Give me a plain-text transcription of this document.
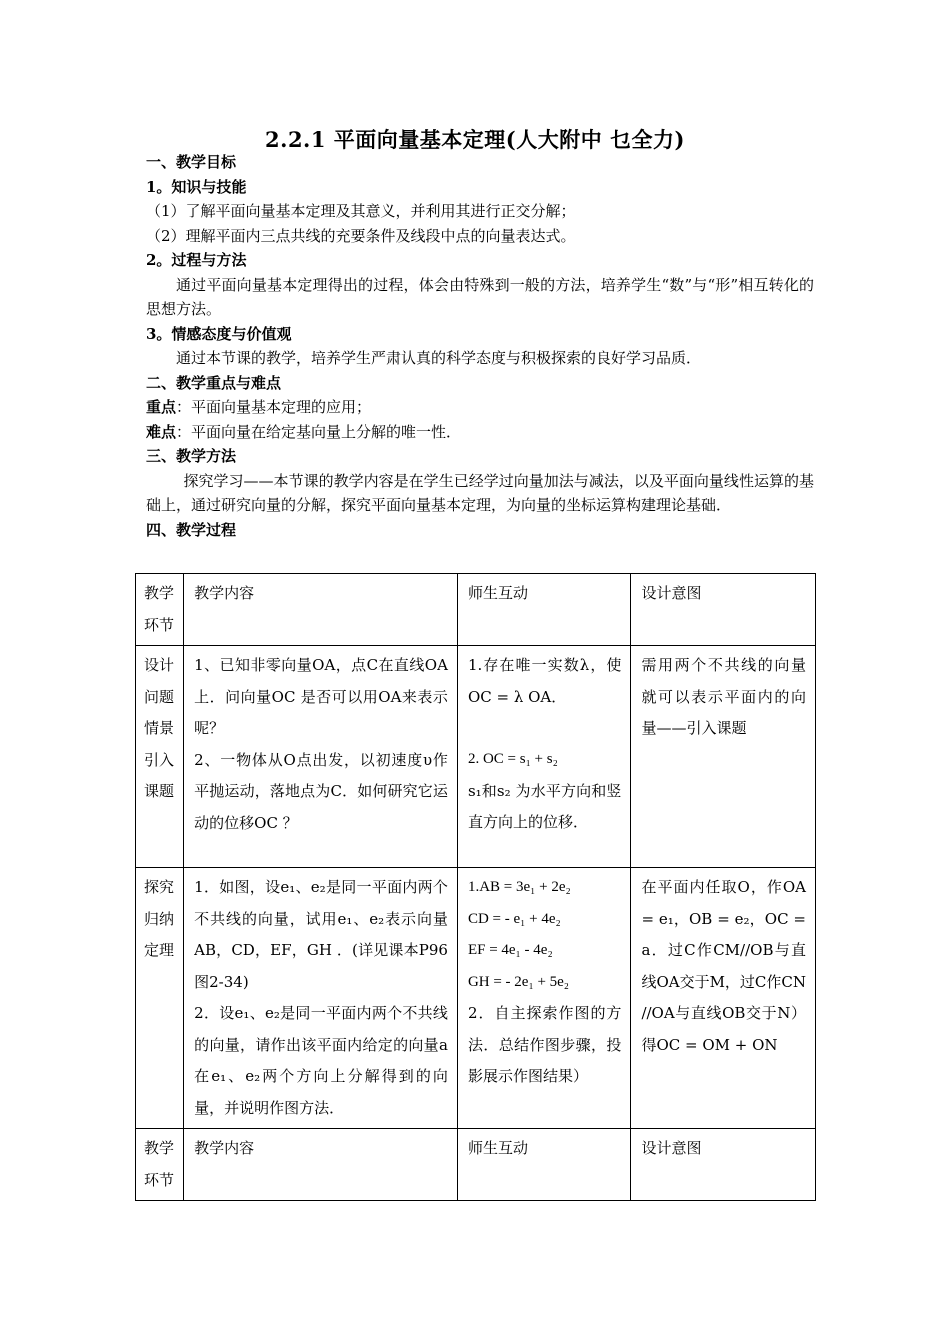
2.2.1 平面向量基本定理(人大附中 乜全力)
一、教学目标
1。知识与技能
（1）了解平面向量基本定理及其意义，并利用其进行正交分解；
（2）理解平面内三点共线的充要条件及线段中点的向量表达式。
2。过程与方法
通过平面向量基本定理得出的过程，体会由特殊到一般的方法，培养学生“数”与“形”相互转化的思想方法。
3。情感态度与价值观
通过本节课的教学，培养学生严肃认真的科学态度与积极探索的良好学习品质．
二、教学重点与难点
重点：平面向量基本定理的应用；
难点：平面向量在给定基向量上分解的唯一性．
三、教学方法
探究学习——本节课的教学内容是在学生已经学过向量加法与减法，以及平面向量线性运算的基础上，通过研究向量的分解，探究平面向量基本定理，为向量的坐标运算构建理论基础．
四、教学过程
教学环节	教学内容	师生互动	设计意图
设计问题情景引入课题	1、已知非零向量OA，点C在直线OA上．问向量OC 是否可以用OA来表示呢？
2、一物体从O点出发，以初速度υ作平抛运动，落地点为C．如何研究它运动的位移OC ？	1.存在唯一实数λ，使OC = λ OA．
2. OC = s₁ + s₂
s₁和s₂ 为水平方向和竖直方向上的位移．	需用两个不共线的向量就可以表示平面内的向量——引入课题
探究归纳定理	1．如图，设e₁、e₂是同一平面内两个不共线的向量，试用e₁、e₂表示向量 AB，CD，EF，GH ．(详见课本P96图2-34)
2．设e₁、e₂是同一平面内两个不共线的向量，请作出该平面内给定的向量a在e₁、e₂两个方向上分解得到的向量，并说明作图方法．	1.AB = 3e₁ + 2e₂
CD = - e₁ + 4e₂
EF = 4e₁ - 4e₂
GH = - 2e₁ + 5e₂
2．自主探索作图的方法．总结作图步骤，投影展示作图结果）	在平面内任取O，作OA = e₁，OB = e₂，OC = a．过C作CM//OB与直线OA交于M，过C作CN //OA与直线OB交于N）得OC = OM + ON
教学环节	教学内容	师生互动	设计意图
